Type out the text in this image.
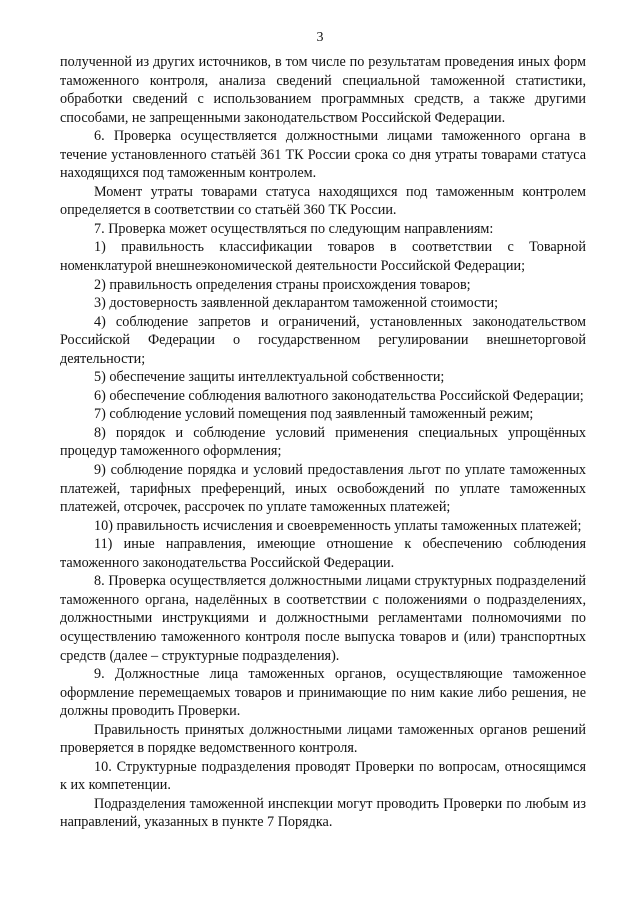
3

полученной из других источников, в том числе по результатам проведения иных форм таможенного контроля, анализа сведений специальной таможенной статистики, обработки сведений с использованием программных средств, а также другими способами, не запрещенными законодательством Российской Федерации.

6. Проверка осуществляется должностными лицами таможенного органа в течение установленного статьёй 361 ТК России срока со дня утраты товарами статуса находящихся под таможенным контролем.

Момент утраты товарами статуса находящихся под таможенным контролем определяется в соответствии со статьёй 360 ТК России.

7. Проверка может осуществляться по следующим направлениям:

1) правильность классификации товаров в соответствии с Товарной номенклатурой внешнеэкономической деятельности Российской Федерации;

2) правильность определения страны происхождения товаров;

3) достоверность заявленной декларантом таможенной стоимости;

4) соблюдение запретов и ограничений, установленных законодательством Российской Федерации о государственном регулировании внешнеторговой деятельности;

5) обеспечение защиты интеллектуальной собственности;

6) обеспечение соблюдения валютного законодательства Российской Федерации;

7) соблюдение условий помещения под заявленный таможенный режим;

8) порядок и соблюдение условий применения специальных упрощённых процедур таможенного оформления;

9) соблюдение порядка и условий предоставления льгот по уплате таможенных платежей, тарифных преференций, иных освобождений по уплате таможенных платежей, отсрочек, рассрочек по уплате таможенных платежей;

10) правильность исчисления и своевременность уплаты таможенных платежей;

11) иные направления, имеющие отношение к обеспечению соблюдения таможенного законодательства Российской Федерации.

8. Проверка осуществляется должностными лицами структурных подразделений таможенного органа, наделённых в соответствии с положениями о подразделениях, должностными инструкциями и должностными регламентами полномочиями по осуществлению таможенного контроля после выпуска товаров и (или) транспортных средств (далее – структурные подразделения).

9. Должностные лица таможенных органов, осуществляющие таможенное оформление перемещаемых товаров и принимающие по ним какие либо решения, не должны проводить Проверки.

Правильность принятых должностными лицами таможенных органов решений проверяется в порядке ведомственного контроля.

10. Структурные подразделения проводят Проверки по вопросам, относящимся к их компетенции.

Подразделения таможенной инспекции могут проводить Проверки по любым из направлений, указанных в пункте 7 Порядка.
